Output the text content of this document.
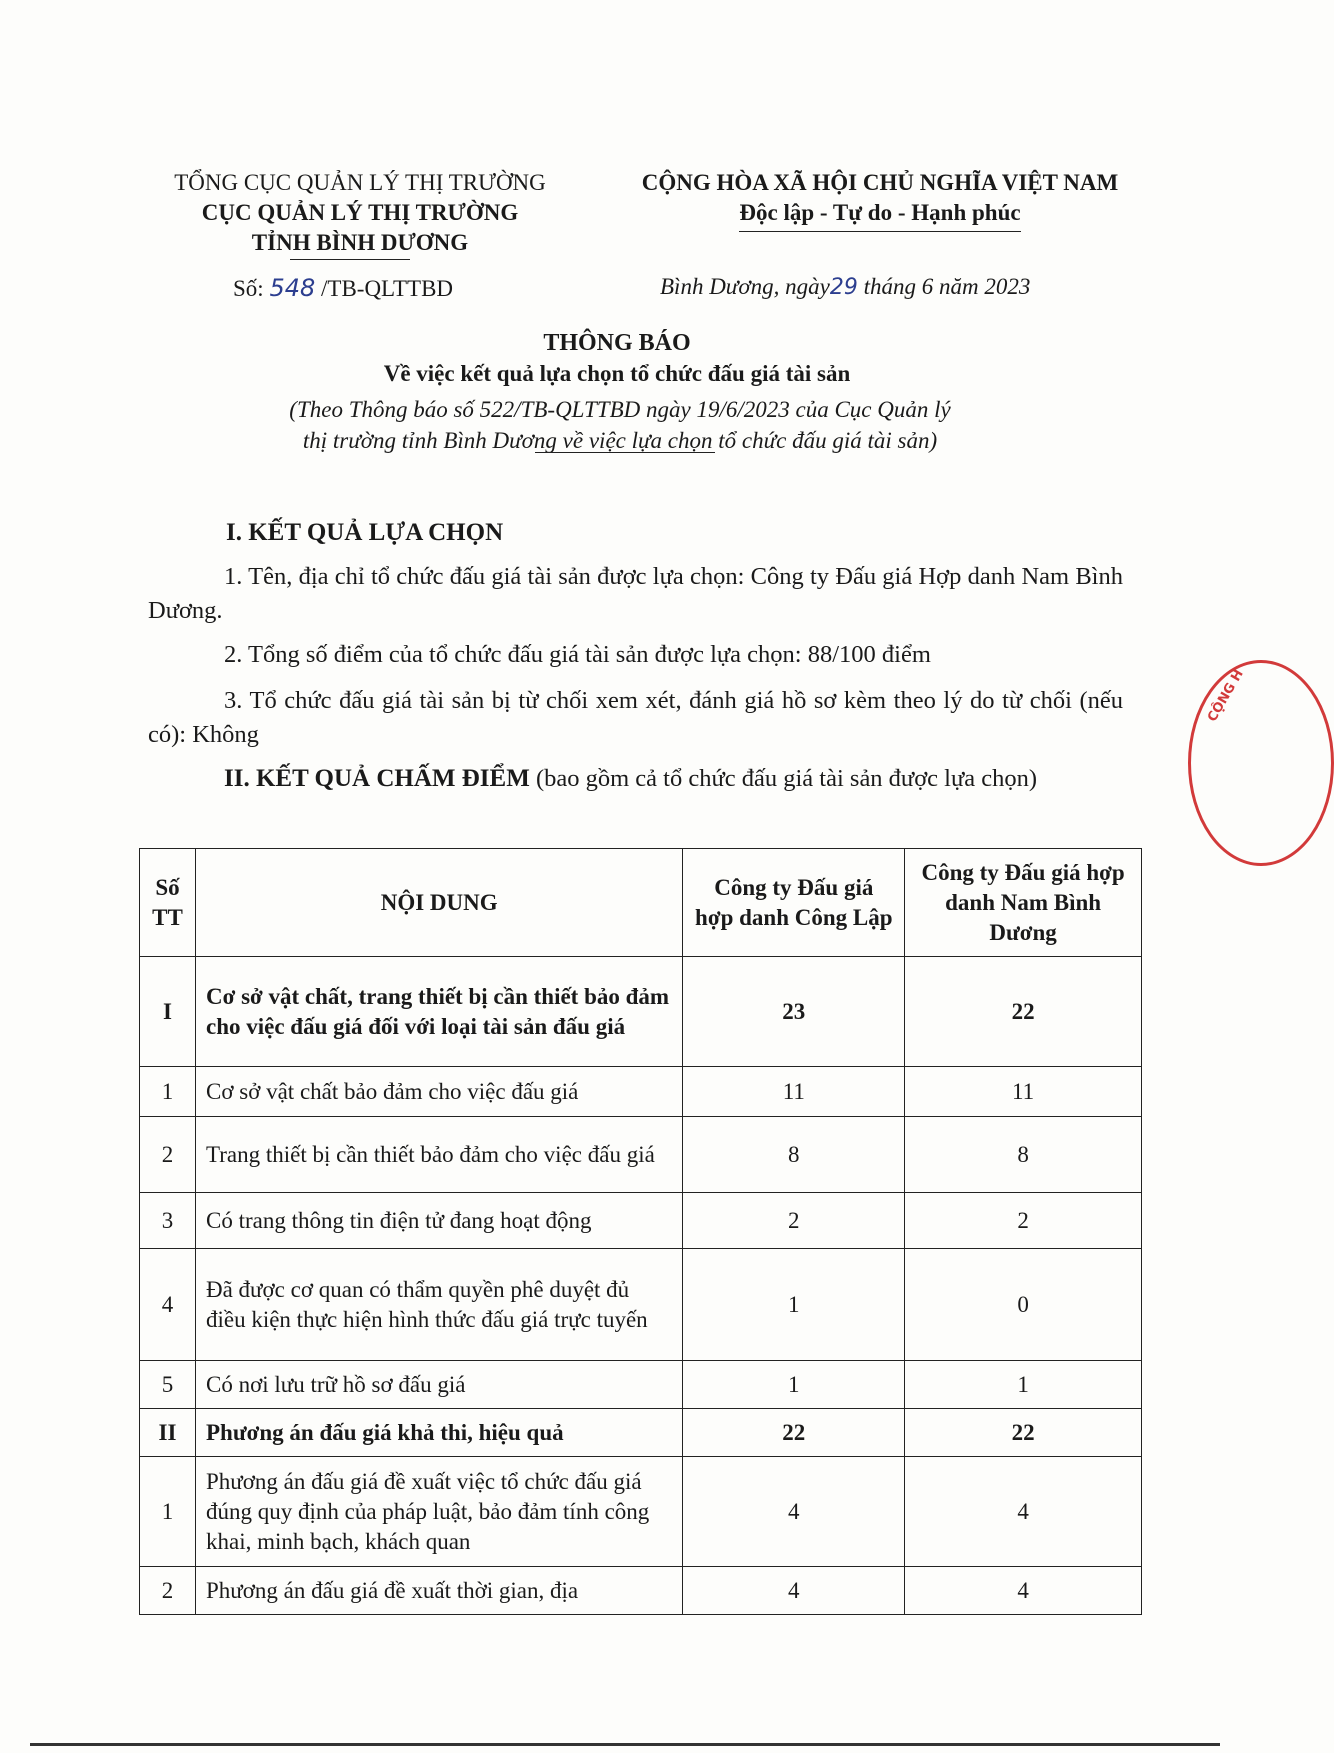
TỔNG CỤC QUẢN LÝ THỊ TRƯỜNG
CỤC QUẢN LÝ THỊ TRƯỜNG
TỈNH BÌNH DƯƠNG
CỘNG HÒA XÃ HỘI CHỦ NGHĨA VIỆT NAM
Độc lập - Tự do - Hạnh phúc
Số: 548 /TB-QLTTBD	Bình Dương, ngày29 tháng 6 năm 2023
THÔNG BÁO
Về việc kết quả lựa chọn tổ chức đấu giá tài sản
(Theo Thông báo số 522/TB-QLTTBD ngày 19/6/2023 của Cục Quản lý
thị trường tỉnh Bình Dương về việc lựa chọn tổ chức đấu giá tài sản)
I. KẾT QUẢ LỰA CHỌN
1. Tên, địa chỉ tổ chức đấu giá tài sản được lựa chọn: Công ty Đấu giá Hợp danh Nam Bình Dương.
2. Tổng số điểm của tổ chức đấu giá tài sản được lựa chọn: 88/100 điểm
3. Tổ chức đấu giá tài sản bị từ chối xem xét, đánh giá hồ sơ kèm theo lý do từ chối (nếu có): Không
II. KẾT QUẢ CHẤM ĐIỂM (bao gồm cả tổ chức đấu giá tài sản được lựa chọn)
Số TT	NỘI DUNG	Công ty Đấu giá hợp danh Công Lập	Công ty Đấu giá hợp danh Nam Bình Dương
I	Cơ sở vật chất, trang thiết bị cần thiết bảo đảm cho việc đấu giá đối với loại tài sản đấu giá	23	22
1	Cơ sở vật chất bảo đảm cho việc đấu giá	11	11
2	Trang thiết bị cần thiết bảo đảm cho việc đấu giá	8	8
3	Có trang thông tin điện tử đang hoạt động	2	2
4	Đã được cơ quan có thẩm quyền phê duyệt đủ điều kiện thực hiện hình thức đấu giá trực tuyến	1	0
5	Có nơi lưu trữ hồ sơ đấu giá	1	1
II	Phương án đấu giá khả thi, hiệu quả	22	22
1	Phương án đấu giá đề xuất việc tổ chức đấu giá đúng quy định của pháp luật, bảo đảm tính công khai, minh bạch, khách quan	4	4
2	Phương án đấu giá đề xuất thời gian, địa	4	4
CỘNG H
